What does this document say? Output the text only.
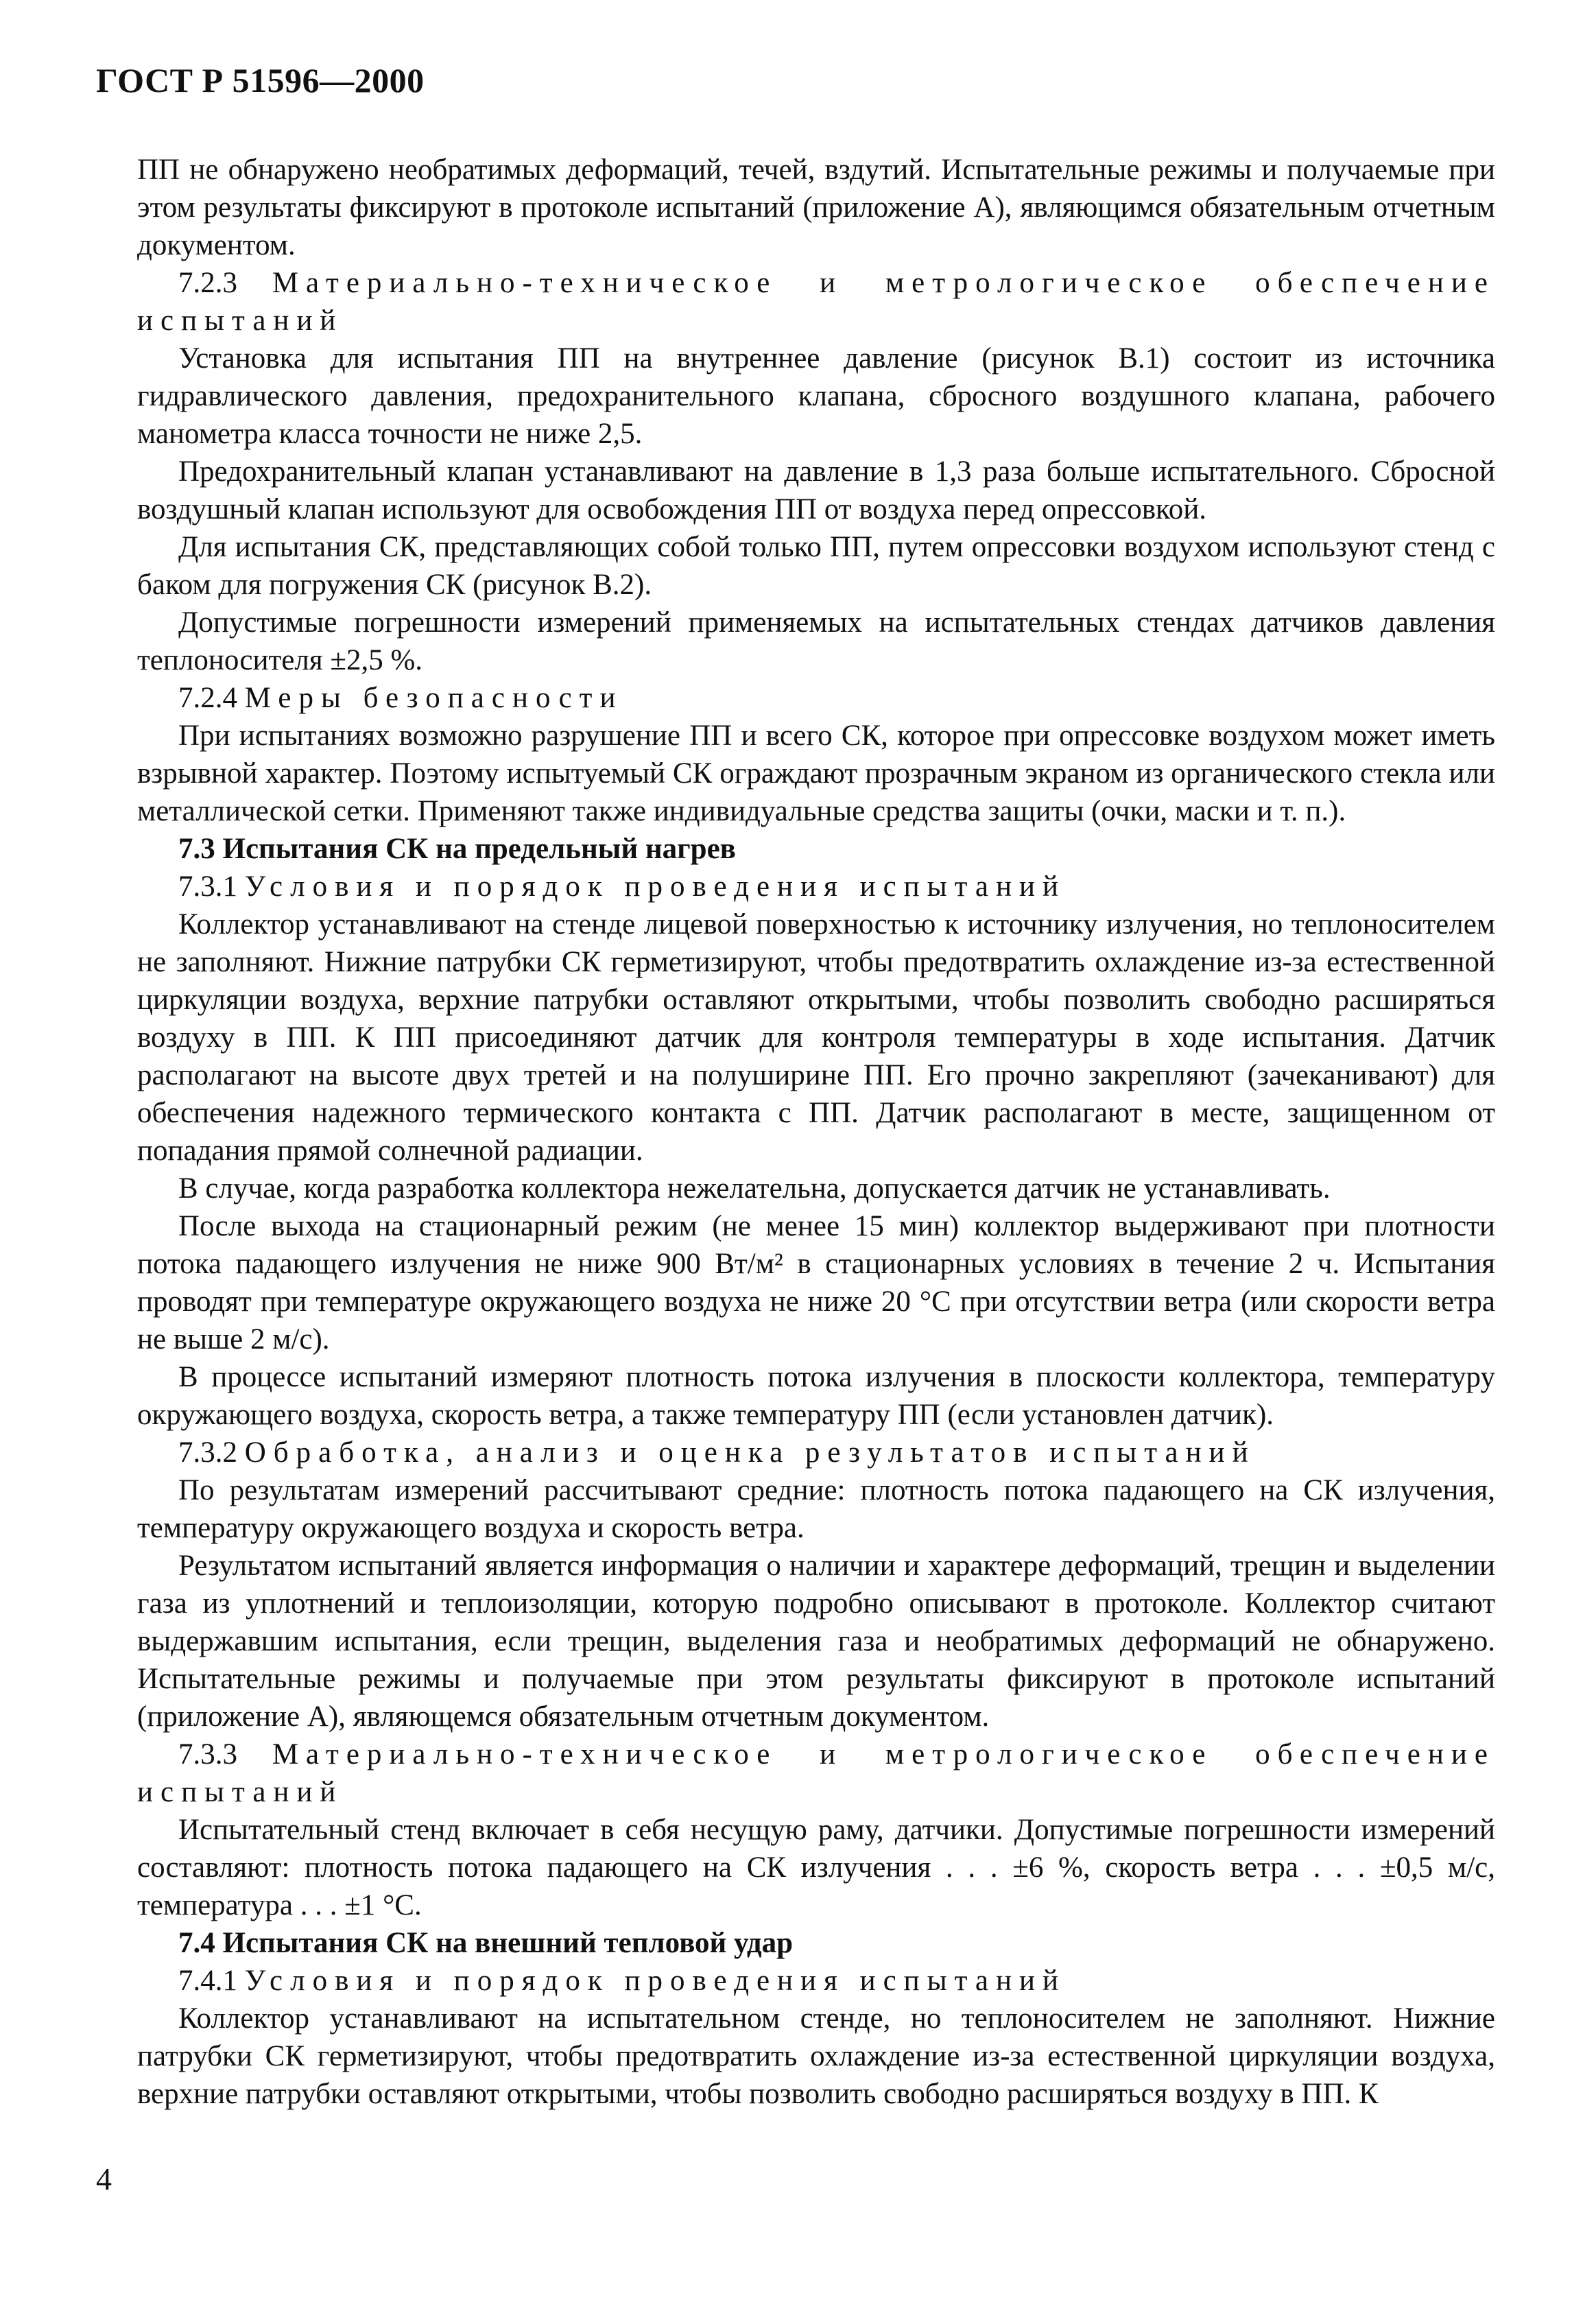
ГОСТ Р 51596—2000

ПП не обнаружено необратимых деформаций, течей, вздутий. Испытательные режимы и получаемые при этом результаты фиксируют в протоколе испытаний (приложение А), являющимся обязательным отчетным документом.

7.2.3 Материально-техническое и метрологическое обеспечение испытаний

Установка для испытания ПП на внутреннее давление (рисунок В.1) состоит из источника гидравлического давления, предохранительного клапана, сбросного воздушного клапана, рабочего манометра класса точности не ниже 2,5.

Предохранительный клапан устанавливают на давление в 1,3 раза больше испытательного. Сбросной воздушный клапан используют для освобождения ПП от воздуха перед опрессовкой.

Для испытания СК, представляющих собой только ПП, путем опрессовки воздухом используют стенд с баком для погружения СК (рисунок В.2).

Допустимые погрешности измерений применяемых на испытательных стендах датчиков давления теплоносителя ±2,5 %.

7.2.4 Меры безопасности

При испытаниях возможно разрушение ПП и всего СК, которое при опрессовке воздухом может иметь взрывной характер. Поэтому испытуемый СК ограждают прозрачным экраном из органического стекла или металлической сетки. Применяют также индивидуальные средства защиты (очки, маски и т. п.).

7.3 Испытания СК на предельный нагрев

7.3.1 Условия и порядок проведения испытаний

Коллектор устанавливают на стенде лицевой поверхностью к источнику излучения, но теплоносителем не заполняют. Нижние патрубки СК герметизируют, чтобы предотвратить охлаждение из-за естественной циркуляции воздуха, верхние патрубки оставляют открытыми, чтобы позволить свободно расширяться воздуху в ПП. К ПП присоединяют датчик для контроля температуры в ходе испытания. Датчик располагают на высоте двух третей и на полуширине ПП. Его прочно закрепляют (зачеканивают) для обеспечения надежного термического контакта с ПП. Датчик располагают в месте, защищенном от попадания прямой солнечной радиации.

В случае, когда разработка коллектора нежелательна, допускается датчик не устанавливать.

После выхода на стационарный режим (не менее 15 мин) коллектор выдерживают при плотности потока падающего излучения не ниже 900 Вт/м² в стационарных условиях в течение 2 ч. Испытания проводят при температуре окружающего воздуха не ниже 20 °С при отсутствии ветра (или скорости ветра не выше 2 м/с).

В процессе испытаний измеряют плотность потока излучения в плоскости коллектора, температуру окружающего воздуха, скорость ветра, а также температуру ПП (если установлен датчик).

7.3.2 Обработка, анализ и оценка результатов испытаний

По результатам измерений рассчитывают средние: плотность потока падающего на СК излучения, температуру окружающего воздуха и скорость ветра.

Результатом испытаний является информация о наличии и характере деформаций, трещин и выделении газа из уплотнений и теплоизоляции, которую подробно описывают в протоколе. Коллектор считают выдержавшим испытания, если трещин, выделения газа и необратимых деформаций не обнаружено. Испытательные режимы и получаемые при этом результаты фиксируют в протоколе испытаний (приложение А), являющемся обязательным отчетным документом.

7.3.3 Материально-техническое и метрологическое обеспечение испытаний

Испытательный стенд включает в себя несущую раму, датчики. Допустимые погрешности измерений составляют: плотность потока падающего на СК излучения . . . ±6 %, скорость ветра . . . ±0,5 м/с, температура . . . ±1 °С.

7.4 Испытания СК на внешний тепловой удар

7.4.1 Условия и порядок проведения испытаний

Коллектор устанавливают на испытательном стенде, но теплоносителем не заполняют. Нижние патрубки СК герметизируют, чтобы предотвратить охлаждение из-за естественной циркуляции воздуха, верхние патрубки оставляют открытыми, чтобы позволить свободно расширяться воздуху в ПП. К

4
